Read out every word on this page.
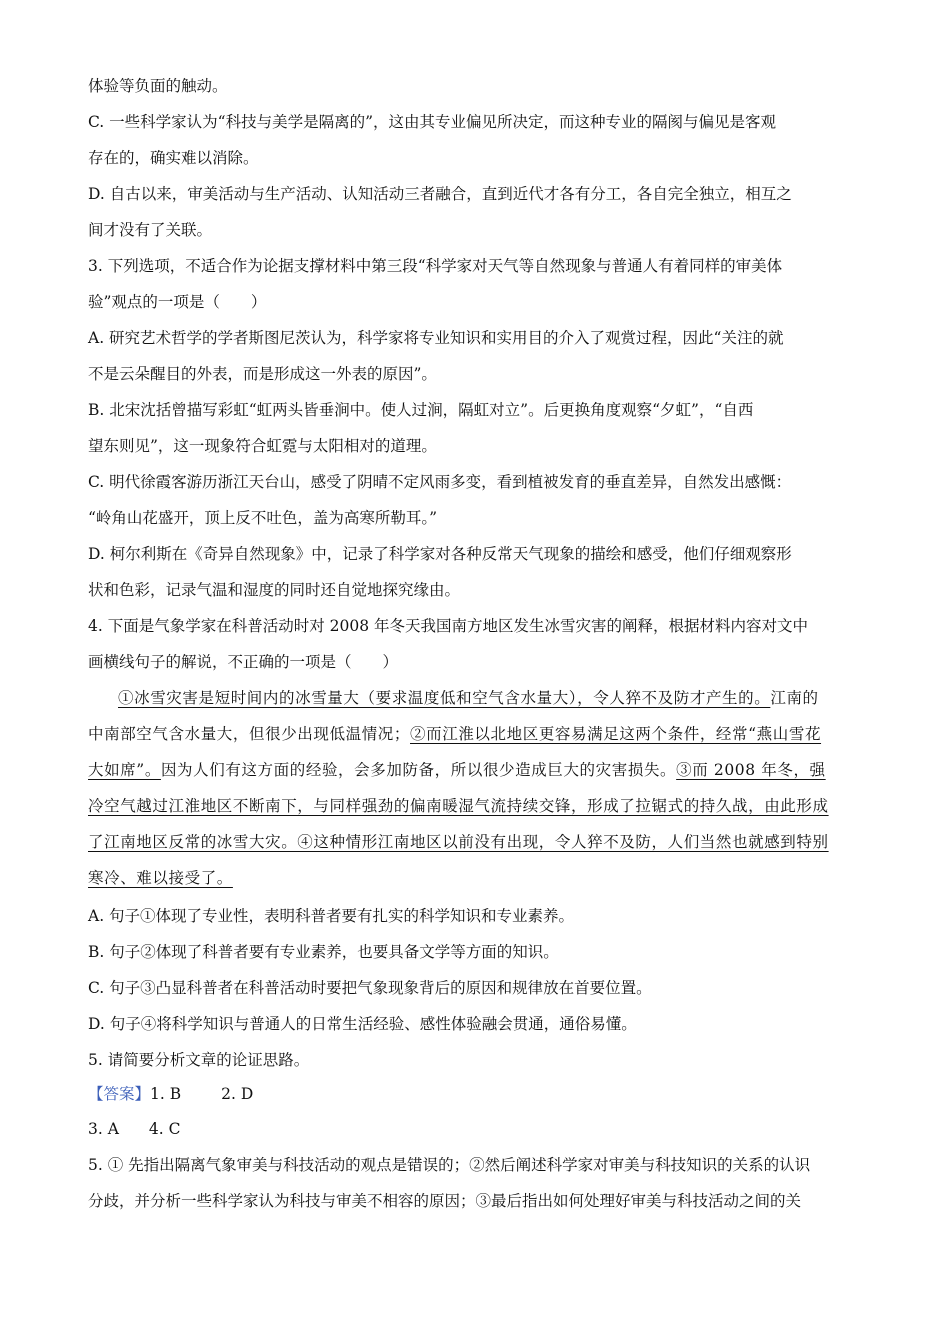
体验等负面的触动。
C. 一些科学家认为“科技与美学是隔离的”，这由其专业偏见所决定，而这种专业的隔阂与偏见是客观
存在的，确实难以消除。
D. 自古以来，审美活动与生产活动、认知活动三者融合，直到近代才各有分工，各自完全独立，相互之
间才没有了关联。
3. 下列选项，不适合作为论据支撑材料中第三段“科学家对天气等自然现象与普通人有着同样的审美体
验”观点的一项是（　　）
A. 研究艺术哲学的学者斯图尼茨认为，科学家将专业知识和实用目的介入了观赏过程，因此“关注的就
不是云朵醒目的外表，而是形成这一外表的原因”。
B. 北宋沈括曾描写彩虹“虹两头皆垂涧中。使人过涧，隔虹对立”。后更换角度观察“夕虹”，“自西
望东则见”，这一现象符合虹霓与太阳相对的道理。
C. 明代徐霞客游历浙江天台山，感受了阴晴不定风雨多变，看到植被发育的垂直差异，自然发出感慨：
“岭角山花盛开，顶上反不吐色，盖为高寒所勒耳。”
D. 柯尔利斯在《奇异自然现象》中，记录了科学家对各种反常天气现象的描绘和感受，他们仔细观察形
状和色彩，记录气温和湿度的同时还自觉地探究缘由。
4. 下面是气象学家在科普活动时对 2008 年冬天我国南方地区发生冰雪灾害的阐释，根据材料内容对文中
画横线句子的解说，不正确的一项是（　　）
①冰雪灾害是短时间内的冰雪量大（要求温度低和空气含水量大），令人猝不及防才产生的。江南的
中南部空气含水量大，但很少出现低温情况；②而江淮以北地区更容易满足这两个条件，经常“燕山雪花
大如席”。因为人们有这方面的经验，会多加防备，所以很少造成巨大的灾害损失。③而 2008 年冬，强
冷空气越过江淮地区不断南下，与同样强劲的偏南暖湿气流持续交锋，形成了拉锯式的持久战，由此形成
了江南地区反常的冰雪大灾。④这种情形江南地区以前没有出现，令人猝不及防，人们当然也就感到特别
寒冷、难以接受了。
A. 句子①体现了专业性，表明科普者要有扎实的科学知识和专业素养。
B. 句子②体现了科普者要有专业素养，也要具备文学等方面的知识。
C. 句子③凸显科普者在科普活动时要把气象现象背后的原因和规律放在首要位置。
D. 句子④将科学知识与普通人的日常生活经验、感性体验融会贯通，通俗易懂。
5. 请简要分析文章的论证思路。
【答案】1. B	2. D
3. A 4. C
5. ① 先指出隔离气象审美与科技活动的观点是错误的；②然后阐述科学家对审美与科技知识的关系的认识
分歧，并分析一些科学家认为科技与审美不相容的原因；③最后指出如何处理好审美与科技活动之间的关
